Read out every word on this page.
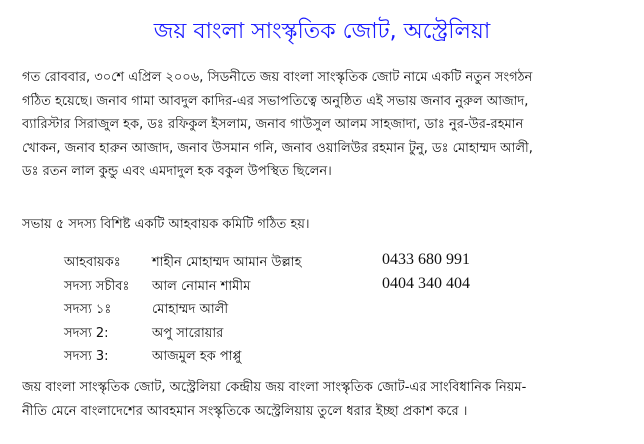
জয় বাংলা সাংস্কৃতিক জোট, অস্ট্রেলিয়া
গত রোববার, ৩০শে এপ্রিল ২০০৬, সিডনীতে জয় বাংলা সাংস্কৃতিক জোট নামে একটি নতুন সংগঠন
গঠিত হয়েছে। জনাব গামা আবদুল কাদির-এর সভাপতিত্বে অনুষ্ঠিত এই সভায় জনাব নুরুল আজাদ,
ব্যারিস্টার সিরাজুল হক, ডঃ রফিকুল ইসলাম, জনাব গাউসুল আলম সাহজাদা, ডাঃ নুর-উর-রহমান
খোকন, জনাব হারুন আজাদ, জনাব উসমান গনি, জনাব ওয়ালিউর রহমান টুনু, ডঃ মোহাম্মদ আলী,
ডঃ রতন লাল কুন্ডু এবং এমদাদুল হক বকুল উপস্থিত ছিলেন।
সভায় ৫ সদস্য বিশিষ্ট একটি আহবায়ক কমিটি গঠিত হয়।
আহবায়কঃ শাহীন মোহাম্মদ আমান উল্লাহ	0433 680 991
সদস্য সচীবঃ আল নোমান শামীম	0404 340 404
সদস্য ১ঃ	মোহাম্মদ আলী
সদস্য 2:	অপু সারোয়ার
সদস্য 3:	আজমুল হক পাপ্পু
জয় বাংলা সাংস্কৃতিক জোট, অস্ট্রেলিয়া কেন্দ্রীয় জয় বাংলা সাংস্কৃতিক জোট-এর সাংবিধানিক নিয়ম-
নীতি মেনে বাংলাদেশের আবহমান সংস্কৃতিকে অস্ট্রেলিয়ায় তুলে ধরার ইচ্ছা প্রকাশ করে ।
